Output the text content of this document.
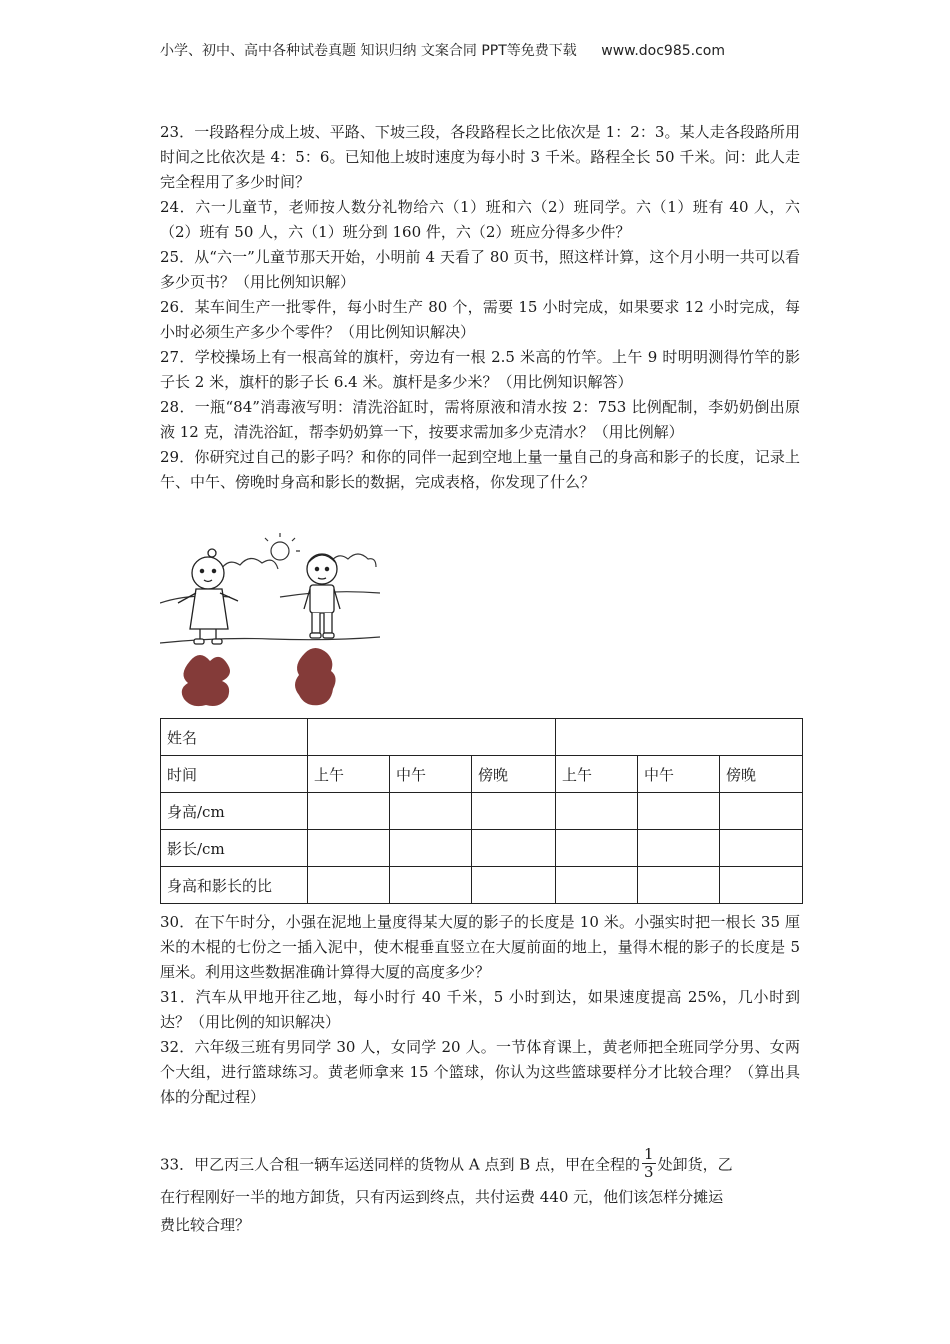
小学、初中、高中各种试卷真题 知识归纳 文案合同 PPT等免费下载 www.doc985.com

23．一段路程分成上坡、平路、下坡三段，各段路程长之比依次是 1：2：3。某人走各段路所用时间之比依次是 4：5：6。已知他上坡时速度为每小时 3 千米。路程全长 50 千米。问：此人走完全程用了多少时间？

24．六一儿童节，老师按人数分礼物给六（1）班和六（2）班同学。六（1）班有 40 人，六（2）班有 50 人，六（1）班分到 160 件，六（2）班应分得多少件？

25．从“六一”儿童节那天开始，小明前 4 天看了 80 页书，照这样计算，这个月小明一共可以看多少页书？（用比例知识解）

26．某车间生产一批零件，每小时生产 80 个，需要 15 小时完成，如果要求 12 小时完成，每小时必须生产多少个零件？（用比例知识解决）

27．学校操场上有一根高耸的旗杆，旁边有一根 2.5 米高的竹竿。上午 9 时明明测得竹竿的影子长 2 米，旗杆的影子长 6.4 米。旗杆是多少米？（用比例知识解答）

28．一瓶“84”消毒液写明：清洗浴缸时，需将原液和清水按 2：753 比例配制，李奶奶倒出原液 12 克，清洗浴缸，帮李奶奶算一下，按要求需加多少克清水？（用比例解）

29．你研究过自己的影子吗？和你的同伴一起到空地上量一量自己的身高和影子的长度，记录上午、中午、傍晚时身高和影长的数据，完成表格，你发现了什么？

姓名						
时间	上午	中午	傍晚	上午	中午	傍晚
身高/cm						
影长/cm						
身高和影长的比						

30．在下午时分，小强在泥地上量度得某大厦的影子的长度是 10 米。小强实时把一根长 35 厘米的木棍的七份之一插入泥中，使木棍垂直竖立在大厦前面的地上，量得木棍的影子的长度是 5 厘米。利用这些数据准确计算得大厦的高度多少？

31．汽车从甲地开往乙地，每小时行 40 千米，5 小时到达，如果速度提高 25%，几小时到达？（用比例的知识解决）

32．六年级三班有男同学 30 人，女同学 20 人。一节体育课上，黄老师把全班同学分男、女两个大组，进行篮球练习。黄老师拿来 15 个篮球，你认为这些篮球要样分才比较合理？（算出具体的分配过程）

33．甲乙丙三人合租一辆车运送同样的货物从 A 点到 B 点，甲在全程的 $\frac{1}{3}$ 处卸货，乙
在行程刚好一半的地方卸货，只有丙运到终点，共付运费 440 元，他们该怎样分摊运
费比较合理？
